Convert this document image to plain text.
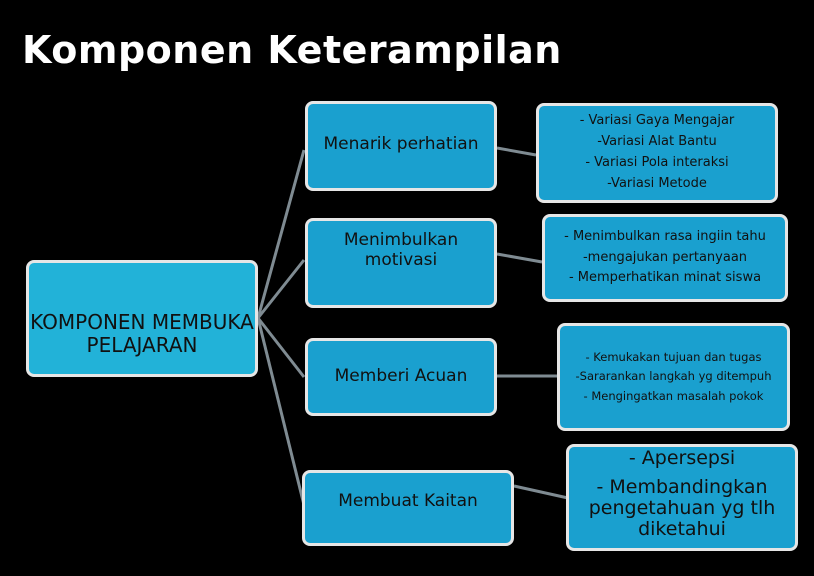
Komponen Keterampilan
KOMPONEN MEMBUKA PELAJARAN
Menarik perhatian
Menimbulkan motivasi
Memberi Acuan
Membuat Kaitan
- Variasi Gaya Mengajar
-Variasi Alat Bantu
- Variasi Pola interaksi
-Variasi Metode
- Menimbulkan rasa ingiin tahu
-mengajukan pertanyaan
- Memperhatikan minat siswa
- Kemukakan tujuan dan tugas
-Sararankan langkah yg ditempuh
- Mengingatkan masalah pokok
- Apersepsi
- Membandingkan pengetahuan yg tlh diketahui
